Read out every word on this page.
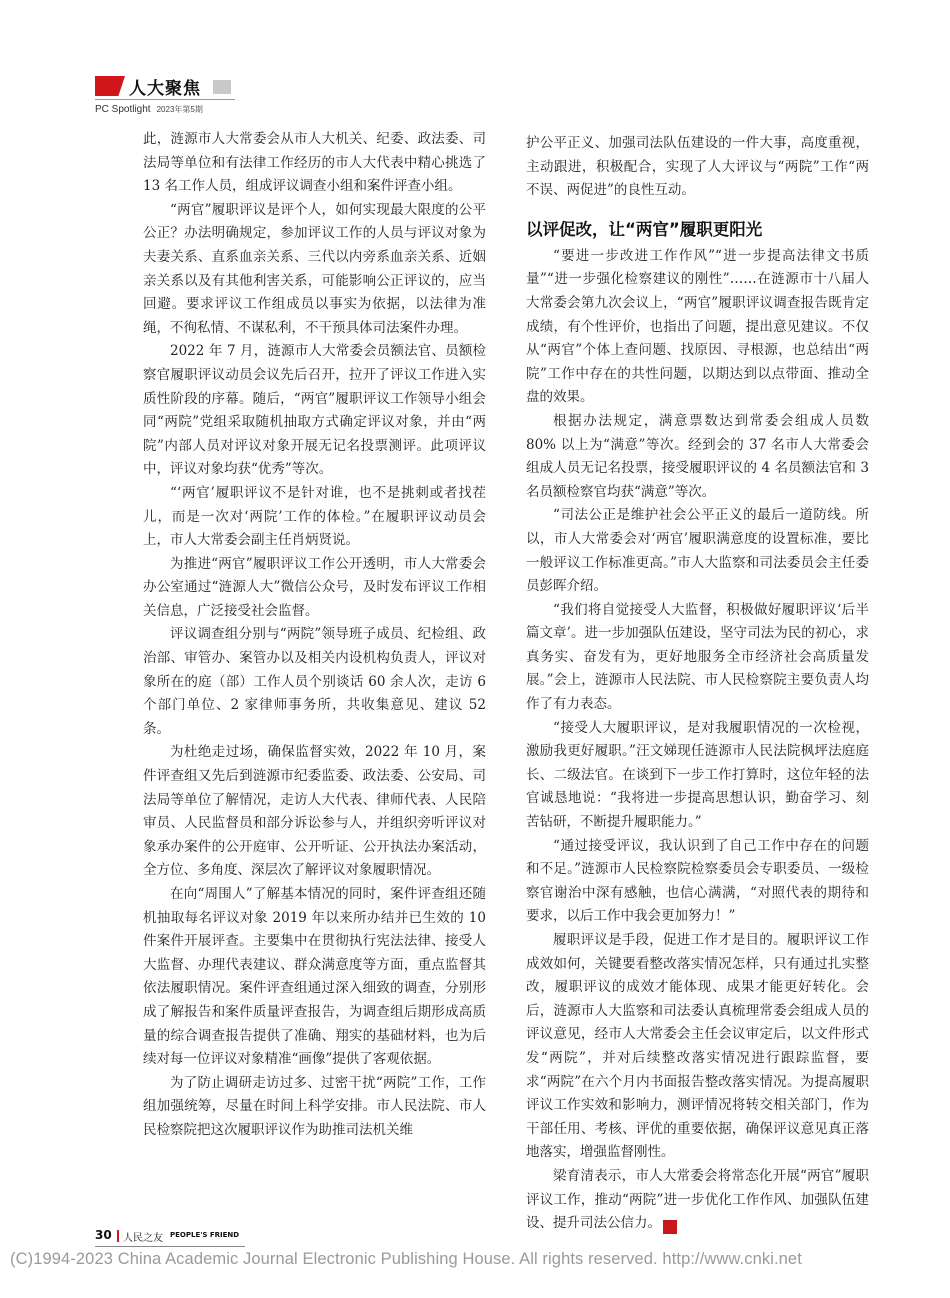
人大聚焦
PC Spotlight 2023年第5期

此，涟源市人大常委会从市人大机关、纪委、政法委、司法局等单位和有法律工作经历的市人大代表中精心挑选了 13 名工作人员，组成评议调查小组和案件评查小组。

“两官”履职评议是评个人，如何实现最大限度的公平公正？办法明确规定，参加评议工作的人员与评议对象为夫妻关系、直系血亲关系、三代以内旁系血亲关系、近姻亲关系以及有其他利害关系，可能影响公正评议的，应当回避。要求评议工作组成员以事实为依据，以法律为准绳，不徇私情、不谋私利，不干预具体司法案件办理。

2022 年 7 月，涟源市人大常委会员额法官、员额检察官履职评议动员会议先后召开，拉开了评议工作进入实质性阶段的序幕。随后，“两官”履职评议工作领导小组会同“两院”党组采取随机抽取方式确定评议对象，并由“两院”内部人员对评议对象开展无记名投票测评。此项评议中，评议对象均获“优秀”等次。

“‘两官’履职评议不是针对谁，也不是挑刺或者找茬儿，而是一次对‘两院’工作的体检。”在履职评议动员会上，市人大常委会副主任肖炳贤说。

为推进“两官”履职评议工作公开透明，市人大常委会办公室通过“涟源人大”微信公众号，及时发布评议工作相关信息，广泛接受社会监督。

评议调查组分别与“两院”领导班子成员、纪检组、政治部、审管办、案管办以及相关内设机构负责人，评议对象所在的庭（部）工作人员个别谈话 60 余人次，走访 6 个部门单位、2 家律师事务所，共收集意见、建议 52 条。

为杜绝走过场，确保监督实效，2022 年 10 月，案件评查组又先后到涟源市纪委监委、政法委、公安局、司法局等单位了解情况，走访人大代表、律师代表、人民陪审员、人民监督员和部分诉讼参与人，并组织旁听评议对象承办案件的公开庭审、公开听证、公开执法办案活动，全方位、多角度、深层次了解评议对象履职情况。

在向“周围人”了解基本情况的同时，案件评查组还随机抽取每名评议对象 2019 年以来所办结并已生效的 10 件案件开展评查。主要集中在贯彻执行宪法法律、接受人大监督、办理代表建议、群众满意度等方面，重点监督其依法履职情况。案件评查组通过深入细致的调查，分别形成了解报告和案件质量评查报告，为调查组后期形成高质量的综合调查报告提供了准确、翔实的基础材料，也为后续对每一位评议对象精准“画像”提供了客观依据。

为了防止调研走访过多、过密干扰“两院”工作，工作组加强统筹，尽量在时间上科学安排。市人民法院、市人民检察院把这次履职评议作为助推司法机关维

护公平正义、加强司法队伍建设的一件大事，高度重视，主动跟进，积极配合，实现了人大评议与“两院”工作“两不误、两促进”的良性互动。

以评促改，让“两官”履职更阳光

“要进一步改进工作作风”“进一步提高法律文书质量”“进一步强化检察建议的刚性”……在涟源市十八届人大常委会第九次会议上，“两官”履职评议调查报告既肯定成绩，有个性评价，也指出了问题，提出意见建议。不仅从“两官”个体上查问题、找原因、寻根源，也总结出“两院”工作中存在的共性问题，以期达到以点带面、推动全盘的效果。

根据办法规定，满意票数达到常委会组成人员数 80% 以上为“满意”等次。经到会的 37 名市人大常委会组成人员无记名投票，接受履职评议的 4 名员额法官和 3 名员额检察官均获“满意”等次。

“司法公正是维护社会公平正义的最后一道防线。所以，市人大常委会对‘两官’履职满意度的设置标准，要比一般评议工作标准更高。”市人大监察和司法委员会主任委员彭晖介绍。

“我们将自觉接受人大监督，积极做好履职评议‘后半篇文章’。进一步加强队伍建设，坚守司法为民的初心，求真务实、奋发有为，更好地服务全市经济社会高质量发展。”会上，涟源市人民法院、市人民检察院主要负责人均作了有力表态。

“接受人大履职评议，是对我履职情况的一次检视，激励我更好履职。”汪文娣现任涟源市人民法院枫坪法庭庭长、二级法官。在谈到下一步工作打算时，这位年轻的法官诚恳地说：“我将进一步提高思想认识，勤奋学习、刻苦钻研，不断提升履职能力。”

“通过接受评议，我认识到了自己工作中存在的问题和不足。”涟源市人民检察院检察委员会专职委员、一级检察官谢治中深有感触，也信心满满，“对照代表的期待和要求，以后工作中我会更加努力！”

履职评议是手段，促进工作才是目的。履职评议工作成效如何，关键要看整改落实情况怎样，只有通过扎实整改，履职评议的成效才能体现、成果才能更好转化。会后，涟源市人大监察和司法委认真梳理常委会组成人员的评议意见，经市人大常委会主任会议审定后，以文件形式发“两院”，并对后续整改落实情况进行跟踪监督，要求“两院”在六个月内书面报告整改落实情况。为提高履职评议工作实效和影响力，测评情况将转交相关部门，作为干部任用、考核、评优的重要依据，确保评议意见真正落地落实，增强监督刚性。

梁育清表示，市人大常委会将常态化开展“两官”履职评议工作，推动“两院”进一步优化工作作风、加强队伍建设、提升司法公信力。	友

30 人民之友 PEOPLE'S FRIEND
(C)1994-2023 China Academic Journal Electronic Publishing House. All rights reserved. http://www.cnki.net
